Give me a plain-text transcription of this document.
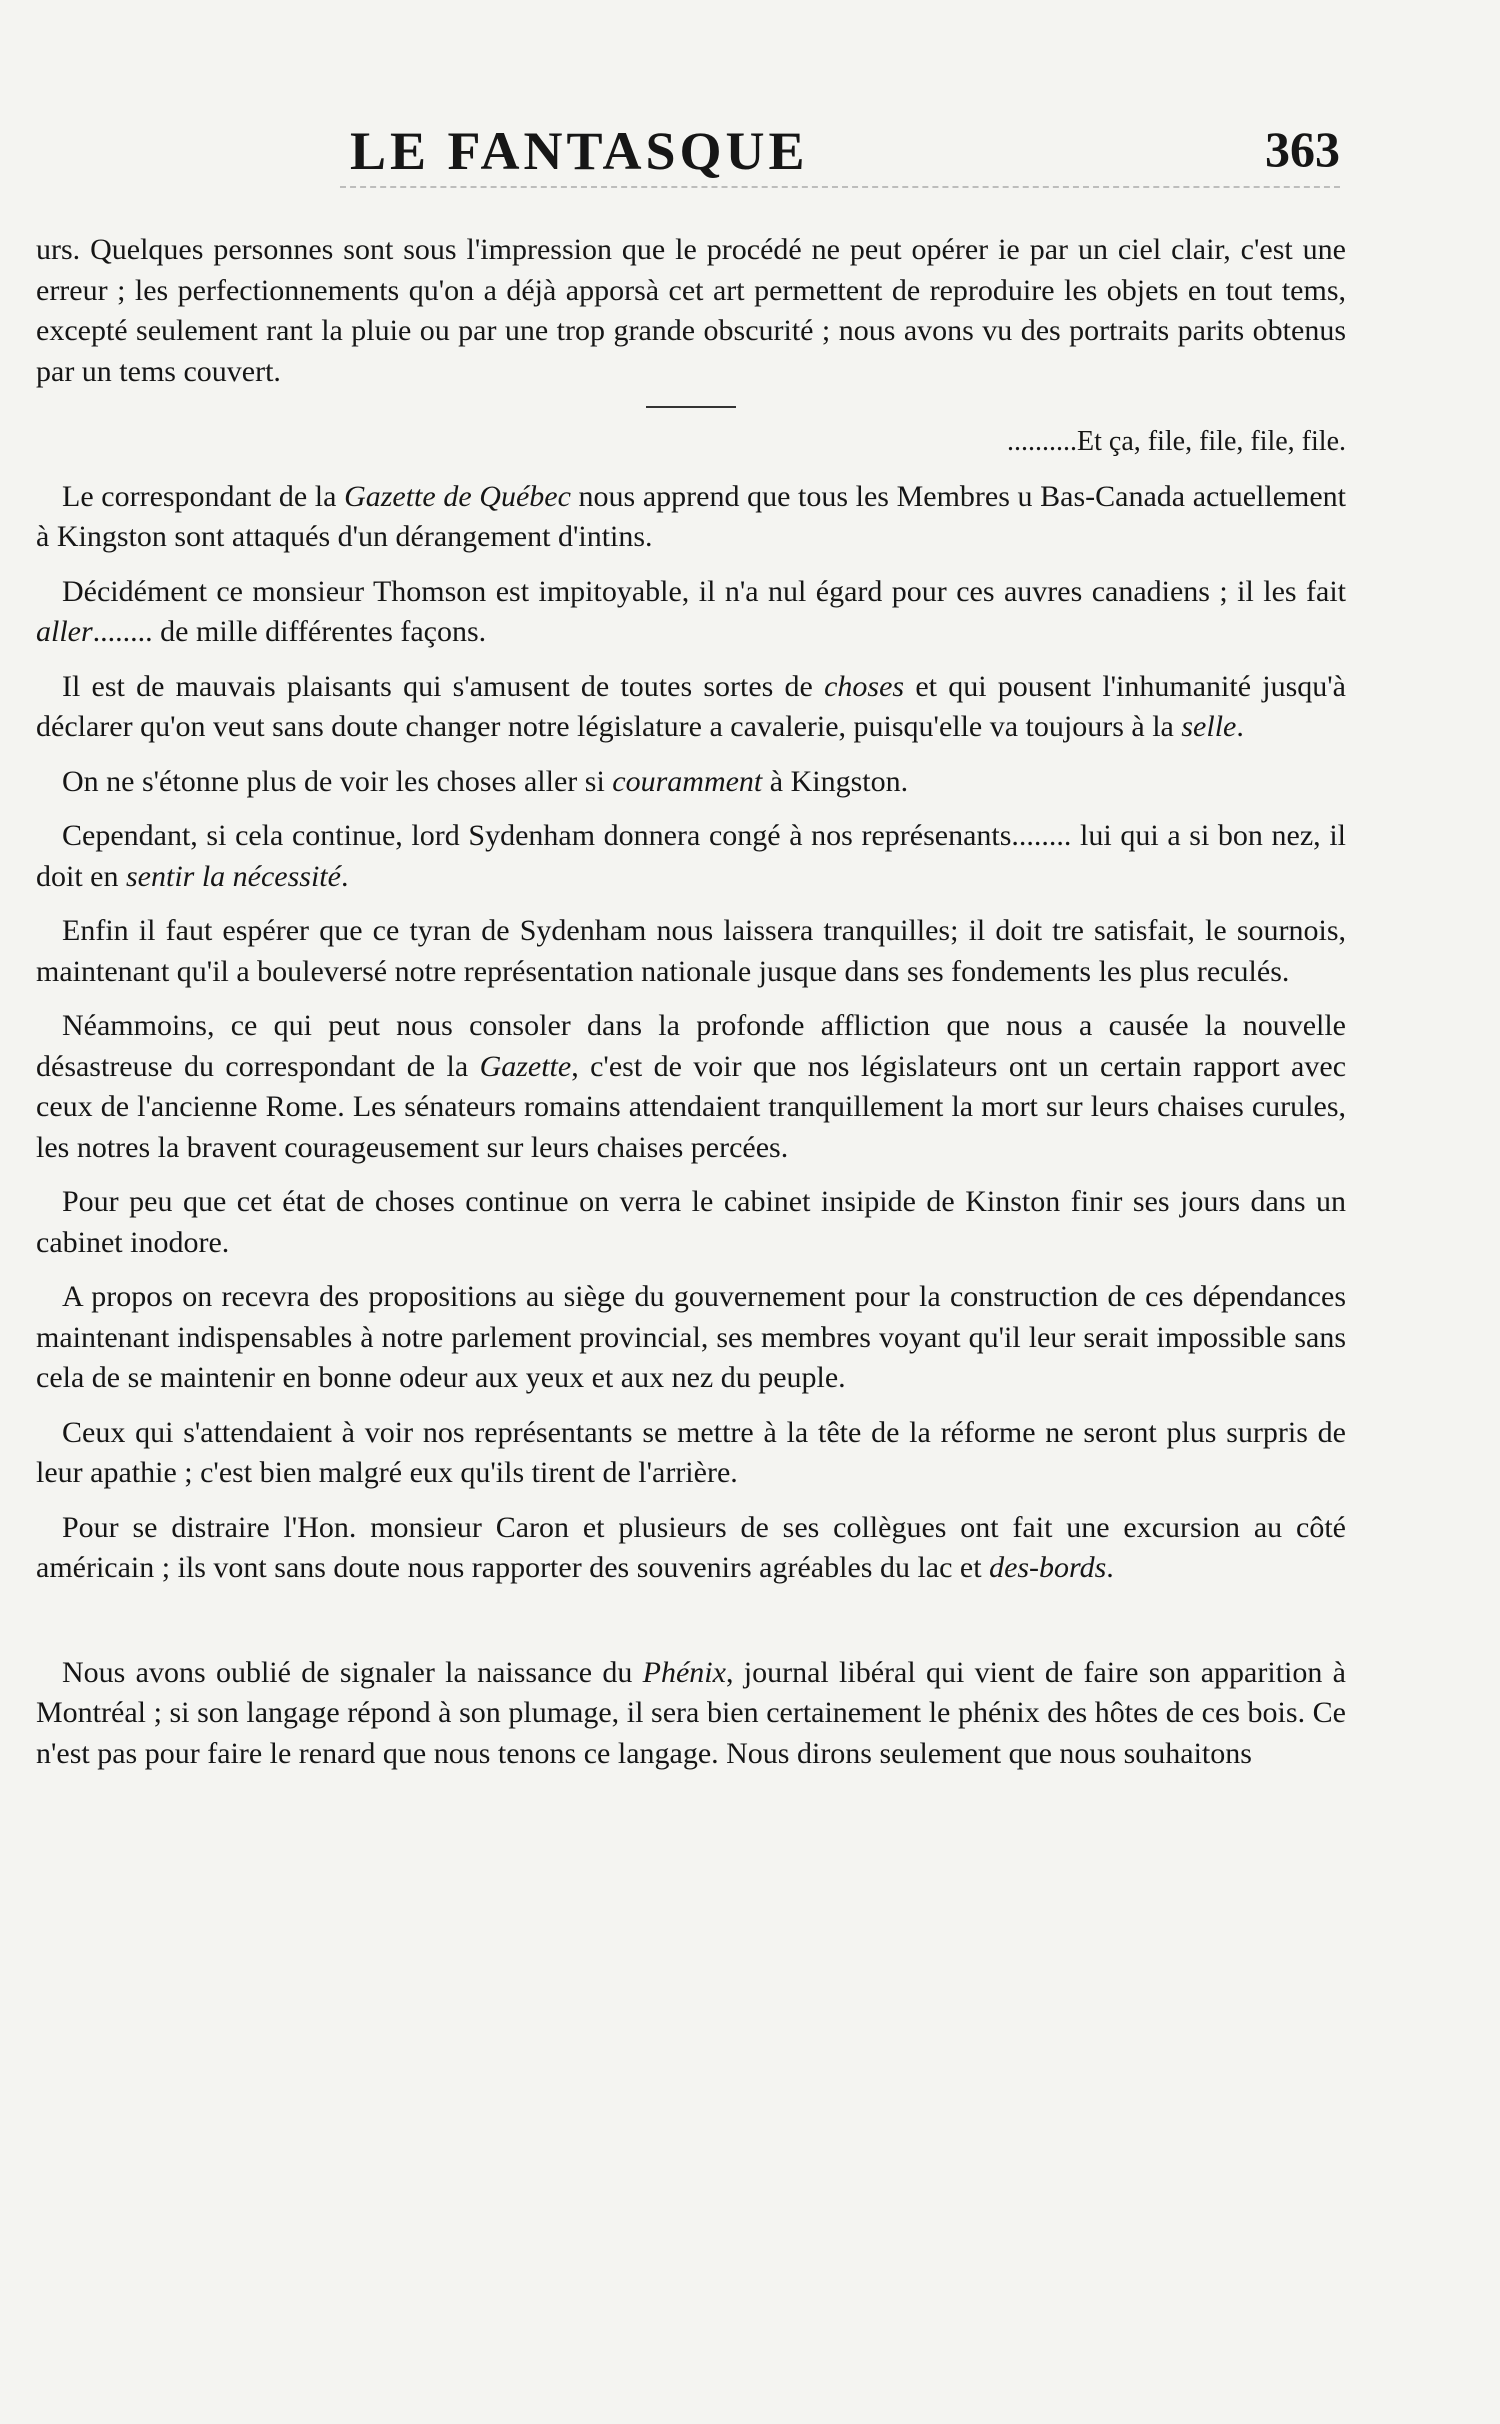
LE FANTASQUE	363

urs. Quelques personnes sont sous l'impression que le procédé ne peut opérer ie par un ciel clair, c'est une erreur ; les perfectionnements qu'on a déjà apporsà cet art permettent de reproduire les objets en tout tems, excepté seulement rant la pluie ou par une trop grande obscurité ; nous avons vu des portraits parits obtenus par un tems couvert.

..........Et ça, file, file, file, file.

Le correspondant de la Gazette de Québec nous apprend que tous les Membres u Bas-Canada actuellement à Kingston sont attaqués d'un dérangement d'intins.

Décidément ce monsieur Thomson est impitoyable, il n'a nul égard pour ces auvres canadiens ; il les fait aller........ de mille différentes façons.

Il est de mauvais plaisants qui s'amusent de toutes sortes de choses et qui pousent l'inhumanité jusqu'à déclarer qu'on veut sans doute changer notre législature a cavalerie, puisqu'elle va toujours à la selle.

On ne s'étonne plus de voir les choses aller si couramment à Kingston.

Cependant, si cela continue, lord Sydenham donnera congé à nos représenants........ lui qui a si bon nez, il doit en sentir la nécessité.

Enfin il faut espérer que ce tyran de Sydenham nous laissera tranquilles; il doit tre satisfait, le sournois, maintenant qu'il a bouleversé notre représentation nationale jusque dans ses fondements les plus reculés.

Néammoins, ce qui peut nous consoler dans la profonde affliction que nous a causée la nouvelle désastreuse du correspondant de la Gazette, c'est de voir que nos législateurs ont un certain rapport avec ceux de l'ancienne Rome. Les sénateurs romains attendaient tranquillement la mort sur leurs chaises curules, les notres la bravent courageusement sur leurs chaises percées.

Pour peu que cet état de choses continue on verra le cabinet insipide de Kinston finir ses jours dans un cabinet inodore.

A propos on recevra des propositions au siège du gouvernement pour la construction de ces dépendances maintenant indispensables à notre parlement provincial, ses membres voyant qu'il leur serait impossible sans cela de se maintenir en bonne odeur aux yeux et aux nez du peuple.

Ceux qui s'attendaient à voir nos représentants se mettre à la tête de la réforme ne seront plus surpris de leur apathie ; c'est bien malgré eux qu'ils tirent de l'arrière.

Pour se distraire l'Hon. monsieur Caron et plusieurs de ses collègues ont fait une excursion au côté américain ; ils vont sans doute nous rapporter des souvenirs agréables du lac et des-bords.

Nous avons oublié de signaler la naissance du Phénix, journal libéral qui vient de faire son apparition à Montréal ; si son langage répond à son plumage, il sera bien certainement le phénix des hôtes de ces bois. Ce n'est pas pour faire le renard que nous tenons ce langage. Nous dirons seulement que nous souhaitons
